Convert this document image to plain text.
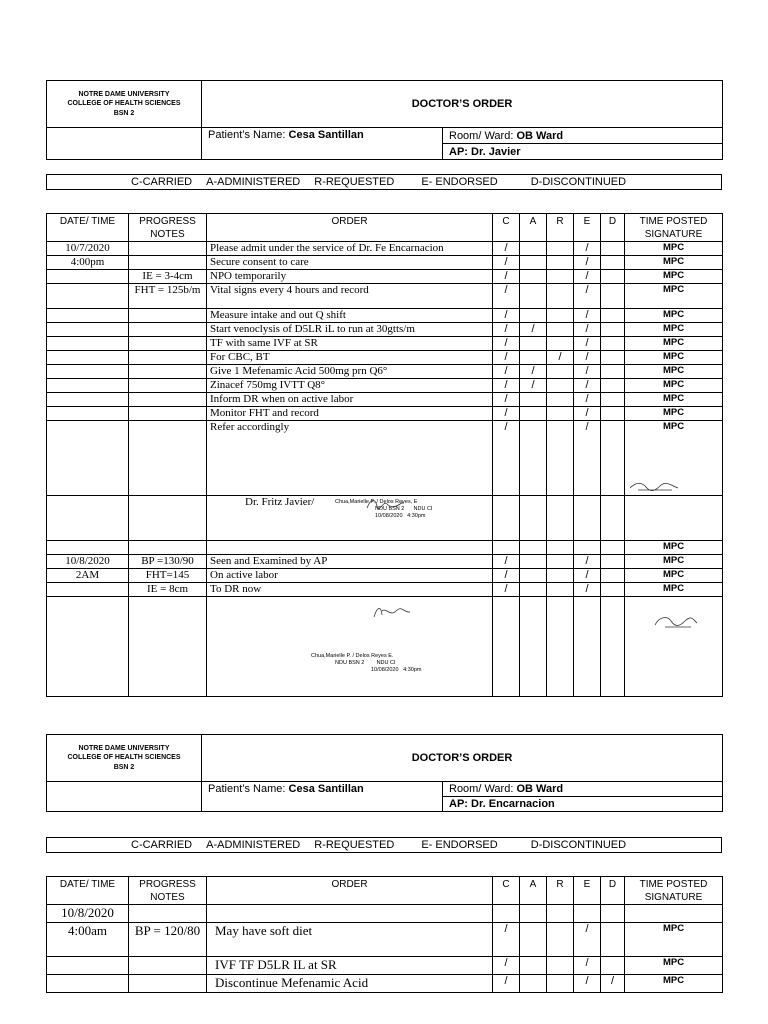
NOTRE DAME UNIVERSITY
COLLEGE OF HEALTH SCIENCES
BSN 2	DOCTOR’S ORDER	
	Patient’s Name: Cesa Santillan	Room/ Ward: OB Ward
		AP: Dr. Javier
C-CARRIED A-ADMINISTERED R-REQUESTED E- ENDORSED	D-DISCONTINUED
DATE/ TIME	PROGRESS NOTES	ORDER	C	A	R	E	D	TIME POSTED SIGNATURE
10/7/2020		Please admit under the service of Dr. Fe Encarnacion	/			/		MPC
4:00pm		Secure consent to care	/			/		MPC
	IE = 3-4cm	NPO temporarily	/			/		MPC
	FHT = 125b/m	Vital signs every 4 hours and record	/			/		MPC
		Measure intake and out Q shift	/			/		MPC
		Start venoclysis of D5LR iL to run at 30gtts/m	/	/		/		MPC
		TF with same IVF at SR	/			/		MPC
		For CBC, BT	/		/	/		MPC
		Give 1 Mefenamic Acid 500mg prn Q6°	/	/		/		MPC
		Zinacef 750mg IVTT Q8°	/	/		/		MPC
		Inform DR when on active labor	/			/		MPC
		Monitor FHT and record	/			/		MPC
		Refer accordingly	/			/		MPC

		Dr. Fritz Javier/ Chua,Marielle P. / Delos Reyes, E
NDU BSN 2 NDU CI
10/08/2020 4:30pm						

								MPC
10/8/2020	BP =130/90	Seen and Examined by AP	/			/		MPC
2AM	FHT=145	On active labor	/			/		MPC
	IE = 8cm	To DR now	/			/		MPC

		Chua,Marielle P. / Delos Reyes E.
NDU BSN 2 NDU CI
10/08/2020 4:30pm

NOTRE DAME UNIVERSITY
COLLEGE OF HEALTH SCIENCES
BSN 2	DOCTOR’S ORDER	
	Patient’s Name: Cesa Santillan	Room/ Ward: OB Ward
		AP: Dr. Encarnacion
C-CARRIED A-ADMINISTERED R-REQUESTED E- ENDORSED	D-DISCONTINUED
DATE/ TIME	PROGRESS NOTES	ORDER	C	A	R	E	D	TIME POSTED SIGNATURE
10/8/2020								
4:00am	BP = 120/80	May have soft diet	/			/		MPC
		IVF TF D5LR IL at SR	/			/		MPC
		Discontinue Mefenamic Acid	/			/	/	MPC
